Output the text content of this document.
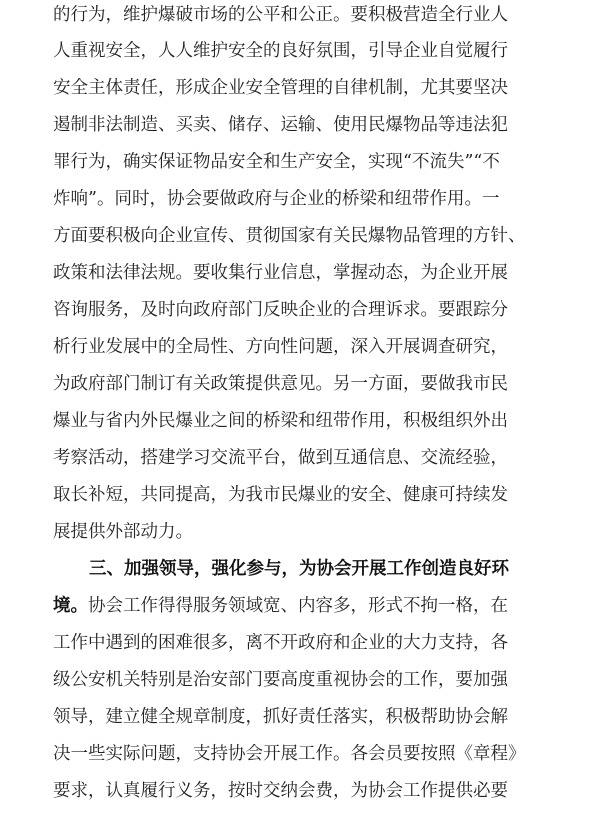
的行为，维护爆破市场的公平和公正。要积极营造全行业人
人重视安全，人人维护安全的良好氛围，引导企业自觉履行
安全主体责任，形成企业安全管理的自律机制，尤其要坚决
遏制非法制造、买卖、储存、运输、使用民爆物品等违法犯
罪行为，确实保证物品安全和生产安全，实现“不流失”“不
炸响”。同时，协会要做政府与企业的桥梁和纽带作用。一
方面要积极向企业宣传、贯彻国家有关民爆物品管理的方针、
政策和法律法规。要收集行业信息，掌握动态，为企业开展
咨询服务，及时向政府部门反映企业的合理诉求。要跟踪分
析行业发展中的全局性、方向性问题，深入开展调查研究，
为政府部门制订有关政策提供意见。另一方面，要做我市民
爆业与省内外民爆业之间的桥梁和纽带作用，积极组织外出
考察活动，搭建学习交流平台，做到互通信息、交流经验，
取长补短，共同提高，为我市民爆业的安全、健康可持续发
展提供外部动力。
三、加强领导，强化参与，为协会开展工作创造良好环
境。协会工作得得服务领域宽、内容多，形式不拘一格，在
工作中遇到的困难很多，离不开政府和企业的大力支持，各
级公安机关特别是治安部门要高度重视协会的工作，要加强
领导，建立健全规章制度，抓好责任落实，积极帮助协会解
决一些实际问题，支持协会开展工作。各会员要按照《章程》
要求，认真履行义务，按时交纳会费，为协会工作提供必要
